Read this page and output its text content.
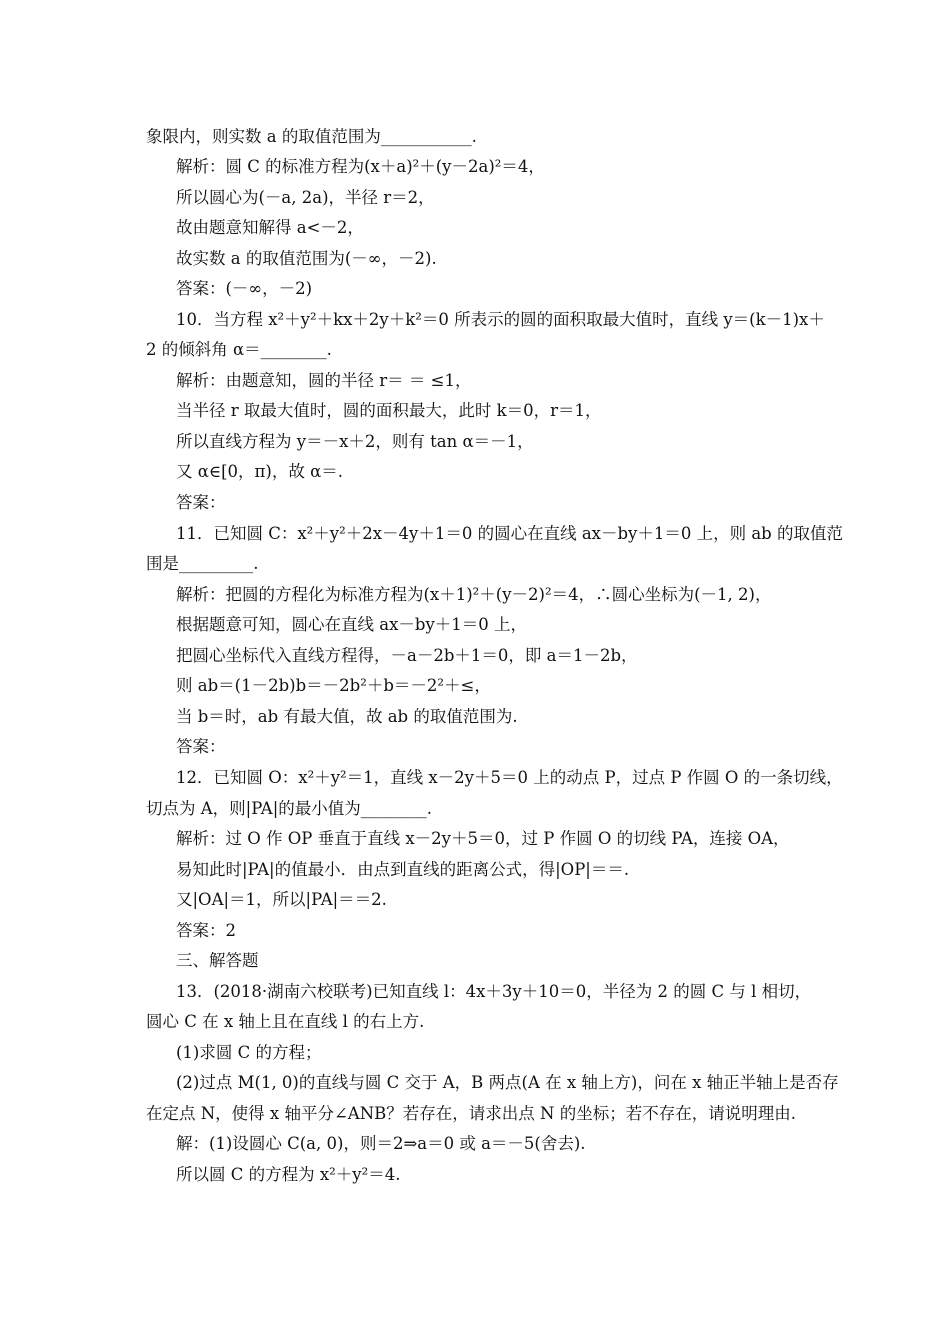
象限内，则实数 a 的取值范围为___________.
解析：圆 C 的标准方程为(x＋a)²＋(y－2a)²＝4，
所以圆心为(－a, 2a)，半径 r＝2，
故由题意知解得 a<－2，
故实数 a 的取值范围为(－∞，－2).
答案：(－∞，－2)
10．当方程 x²＋y²＋kx＋2y＋k²＝0 所表示的圆的面积取最大值时，直线 y＝(k－1)x＋
2 的倾斜角 α＝________.
解析：由题意知，圆的半径 r＝ ＝ ≤1，
当半径 r 取最大值时，圆的面积最大，此时 k＝0，r＝1，
所以直线方程为 y＝－x＋2，则有 tan α＝－1，
又 α∈[0，π)，故 α＝.
答案：
11．已知圆 C：x²＋y²＋2x－4y＋1＝0 的圆心在直线 ax－by＋1＝0 上，则 ab 的取值范
围是_________.
解析：把圆的方程化为标准方程为(x＋1)²＋(y－2)²＝4，∴圆心坐标为(－1, 2)，
根据题意可知，圆心在直线 ax－by＋1＝0 上，
把圆心坐标代入直线方程得，－a－2b＋1＝0，即 a＝1－2b，
则 ab＝(1－2b)b＝－2b²＋b＝－2²＋≤，
当 b＝时，ab 有最大值，故 ab 的取值范围为.
答案：
12．已知圆 O：x²＋y²＝1，直线 x－2y＋5＝0 上的动点 P，过点 P 作圆 O 的一条切线，
切点为 A，则|PA|的最小值为________.
解析：过 O 作 OP 垂直于直线 x－2y＋5＝0，过 P 作圆 O 的切线 PA，连接 OA，
易知此时|PA|的值最小．由点到直线的距离公式，得|OP|＝＝.
又|OA|＝1，所以|PA|＝＝2.
答案：2
三、解答题
13．(2018·湖南六校联考)已知直线 l：4x＋3y＋10＝0，半径为 2 的圆 C 与 l 相切，
圆心 C 在 x 轴上且在直线 l 的右上方.
(1)求圆 C 的方程；
(2)过点 M(1, 0)的直线与圆 C 交于 A，B 两点(A 在 x 轴上方)，问在 x 轴正半轴上是否存
在定点 N，使得 x 轴平分∠ANB？若存在，请求出点 N 的坐标；若不存在，请说明理由.
解：(1)设圆心 C(a, 0)，则＝2⇒a＝0 或 a＝－5(舍去).
所以圆 C 的方程为 x²＋y²＝4.
